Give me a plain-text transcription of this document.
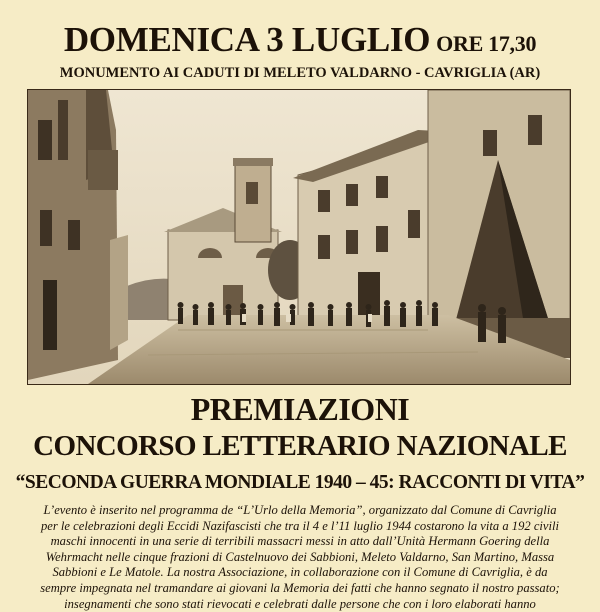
DOMENICA 3 LUGLIO ORE 17,30
MONUMENTO AI CADUTI DI MELETO VALDARNO - CAVRIGLIA (AR)
PREMIAZIONI
CONCORSO LETTERARIO NAZIONALE
“SECONDA GUERRA MONDIALE 1940 – 45: RACCONTI DI VITA”
L’evento è inserito nel programma de “L’Urlo della Memoria”, organizzato dal Comune di Cavriglia
per le celebrazioni degli Eccidi Nazifascisti che tra il 4 e l’11 luglio 1944 costarono la vita a 192 civili
maschi innocenti in una serie di terribili massacri messi in atto dall’Unità Hermann Goering della
Wehrmacht nelle cinque frazioni di Castelnuovo dei Sabbioni, Meleto Valdarno, San Martino, Massa
Sabbioni e Le Matole. La nostra Associazione, in collaborazione con il Comune di Cavriglia, è da
sempre impegnata nel tramandare ai giovani la Memoria dei fatti che hanno segnato il nostro passato;
insegnamenti che sono stati rievocati e celebrati dalle persone che con i loro elaborati hanno
